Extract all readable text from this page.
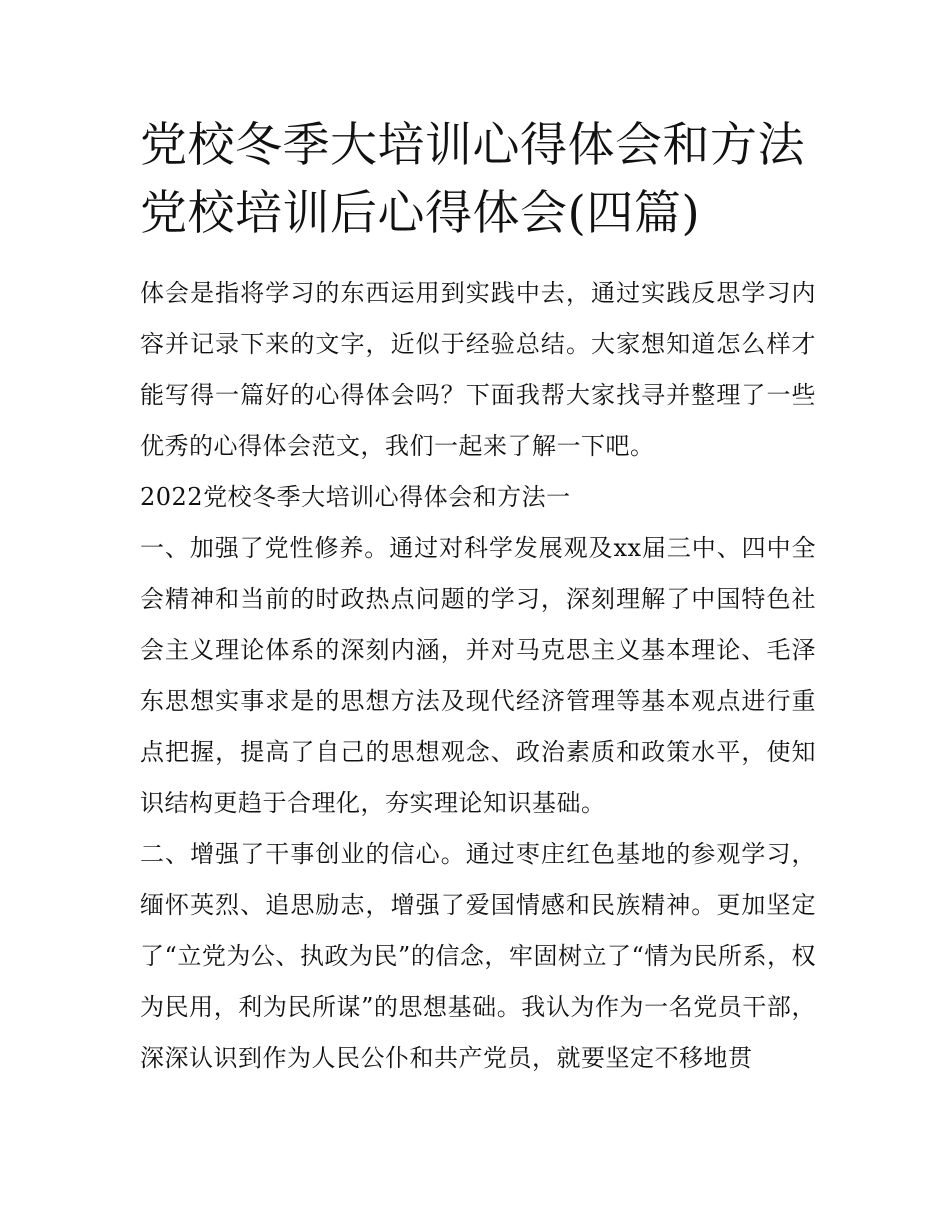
党校冬季大培训心得体会和方法 党校培训后心得体会(四篇)

体会是指将学习的东西运用到实践中去，通过实践反思学习内容并记录下来的文字，近似于经验总结。大家想知道怎么样才能写得一篇好的心得体会吗？下面我帮大家找寻并整理了一些优秀的心得体会范文，我们一起来了解一下吧。

2022党校冬季大培训心得体会和方法一

一、加强了党性修养。通过对科学发展观及xx届三中、四中全会精神和当前的时政热点问题的学习，深刻理解了中国特色社会主义理论体系的深刻内涵，并对马克思主义基本理论、毛泽东思想实事求是的思想方法及现代经济管理等基本观点进行重点把握，提高了自己的思想观念、政治素质和政策水平，使知识结构更趋于合理化，夯实理论知识基础。

二、增强了干事创业的信心。通过枣庄红色基地的参观学习，缅怀英烈、追思励志，增强了爱国情感和民族精神。更加坚定了“立党为公、执政为民”的信念，牢固树立了“情为民所系，权为民用，利为民所谋”的思想基础。我认为作为一名党员干部，深深认识到作为人民公仆和共产党员，就要坚定不移地贯
